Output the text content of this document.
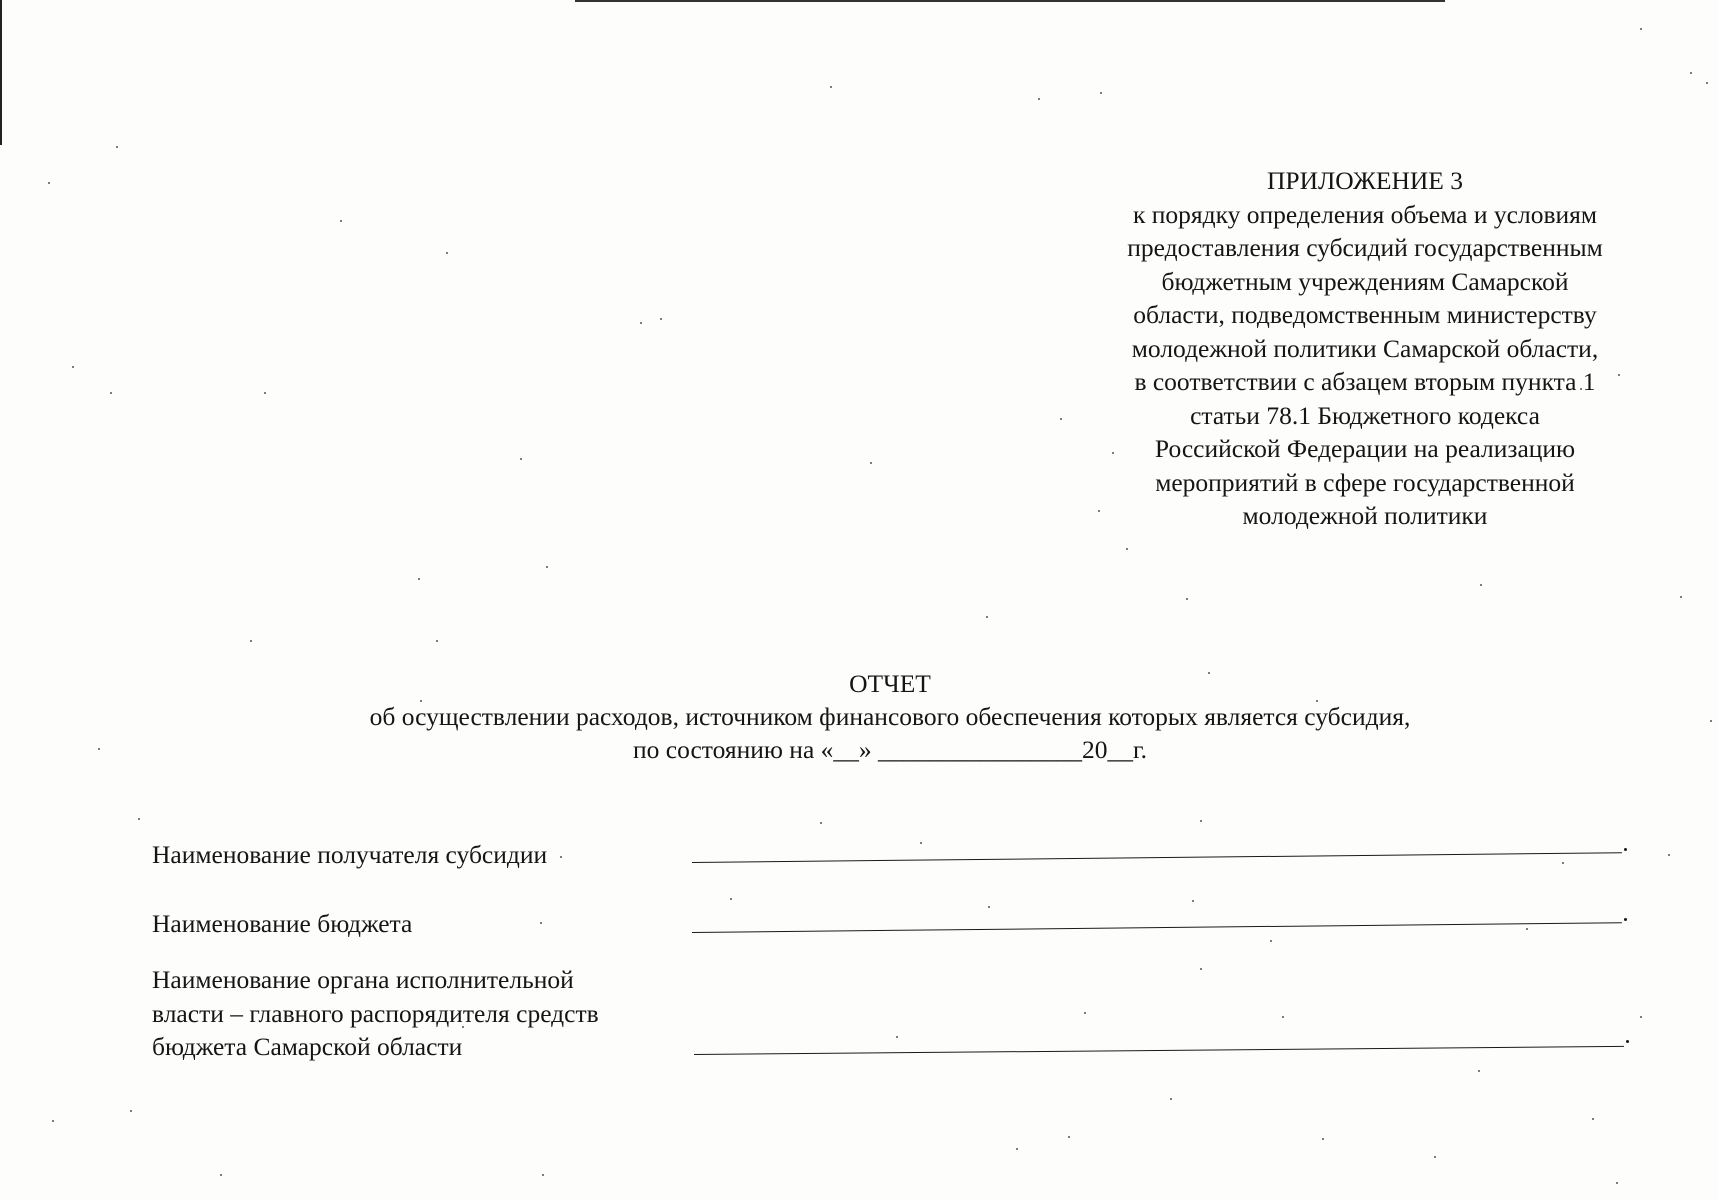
ПРИЛОЖЕНИЕ 3
к порядку определения объема и условиям
предоставления субсидий государственным
бюджетным учреждениям Самарской
области, подведомственным министерству
молодежной политики Самарской области,
в соответствии с абзацем вторым пункта 1
статьи 78.1 Бюджетного кодекса
Российской Федерации на реализацию
мероприятий в сфере государственной
молодежной политики
ОТЧЕТ
об осуществлении расходов, источником финансового обеспечения которых является субсидия,
по состоянию на «__» ________________20__г.
Наименование получателя субсидии
Наименование бюджета
Наименование органа исполнительной
власти – главного распорядителя средств
бюджета Самарской области
